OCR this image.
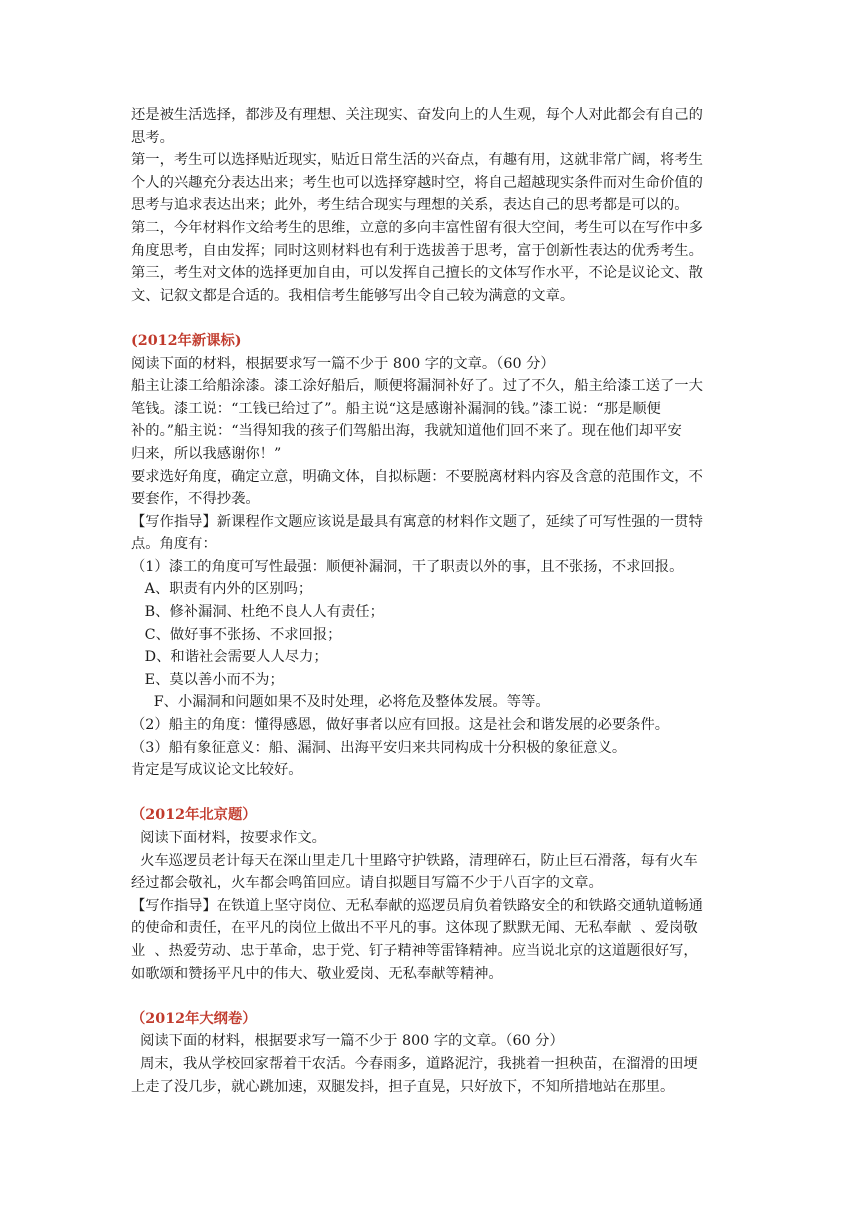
还是被生活选择，都涉及有理想、关注现实、奋发向上的人生观，每个人对此都会有自己的

思考。

第一，考生可以选择贴近现实，贴近日常生活的兴奋点，有趣有用，这就非常广阔，将考生

个人的兴趣充分表达出来；考生也可以选择穿越时空，将自己超越现实条件而对生命价值的

思考与追求表达出来；此外，考生结合现实与理想的关系，表达自己的思考都是可以的。

第二，今年材料作文给考生的思维，立意的多向丰富性留有很大空间，考生可以在写作中多

角度思考，自由发挥；同时这则材料也有利于选拔善于思考，富于创新性表达的优秀考生。

第三，考生对文体的选择更加自由，可以发挥自己擅长的文体写作水平，不论是议论文、散

文、记叙文都是合适的。我相信考生能够写出令自己较为满意的文章。

(2012年新课标)

阅读下面的材料，根据要求写一篇不少于 800 字的文章。（60 分）

船主让漆工给船涂漆。漆工涂好船后，顺便将漏洞补好了。过了不久，船主给漆工送了一大

笔钱。漆工说：“工钱已给过了”。船主说“这是感谢补漏洞的钱。”漆工说：“那是顺便

补的。”船主说：“当得知我的孩子们驾船出海，我就知道他们回不来了。现在他们却平安

归来，所以我感谢你！”

要求选好角度，确定立意，明确文体，自拟标题：不要脱离材料内容及含意的范围作文，不

要套作，不得抄袭。

【写作指导】新课程作文题应该说是最具有寓意的材料作文题了，延续了可写性强的一贯特

点。角度有：

（1）漆工的角度可写性最强：顺便补漏洞，干了职责以外的事，且不张扬，不求回报。

A、职责有内外的区别吗；

B、修补漏洞、杜绝不良人人有责任；

C、做好事不张扬、不求回报；

D、和谐社会需要人人尽力；

E、莫以善小而不为；

F、小漏洞和问题如果不及时处理，必将危及整体发展。等等。

（2）船主的角度：懂得感恩，做好事者以应有回报。这是社会和谐发展的必要条件。

（3）船有象征意义：船、漏洞、出海平安归来共同构成十分积极的象征意义。

肯定是写成议论文比较好。

（2012年北京题）

阅读下面材料，按要求作文。

火车巡逻员老计每天在深山里走几十里路守护铁路，清理碎石，防止巨石滑落，每有火车

经过都会敬礼，火车都会鸣笛回应。请自拟题目写篇不少于八百字的文章。

【写作指导】在铁道上坚守岗位、无私奉献的巡逻员肩负着铁路安全的和铁路交通轨道畅通

的使命和责任，在平凡的岗位上做出不平凡的事。这体现了默默无闻、无私奉献  、爱岗敬

业  、热爱劳动、忠于革命，忠于党、钉子精神等雷锋精神。应当说北京的这道题很好写，

如歌颂和赞扬平凡中的伟大、敬业爱岗、无私奉献等精神。

（2012年大纲卷）

阅读下面的材料，根据要求写一篇不少于 800 字的文章。（60 分）

周末，我从学校回家帮着干农活。今春雨多，道路泥泞，我挑着一担秧苗，在溜滑的田埂

上走了没几步，就心跳加速，双腿发抖，担子直晃，只好放下，不知所措地站在那里。
